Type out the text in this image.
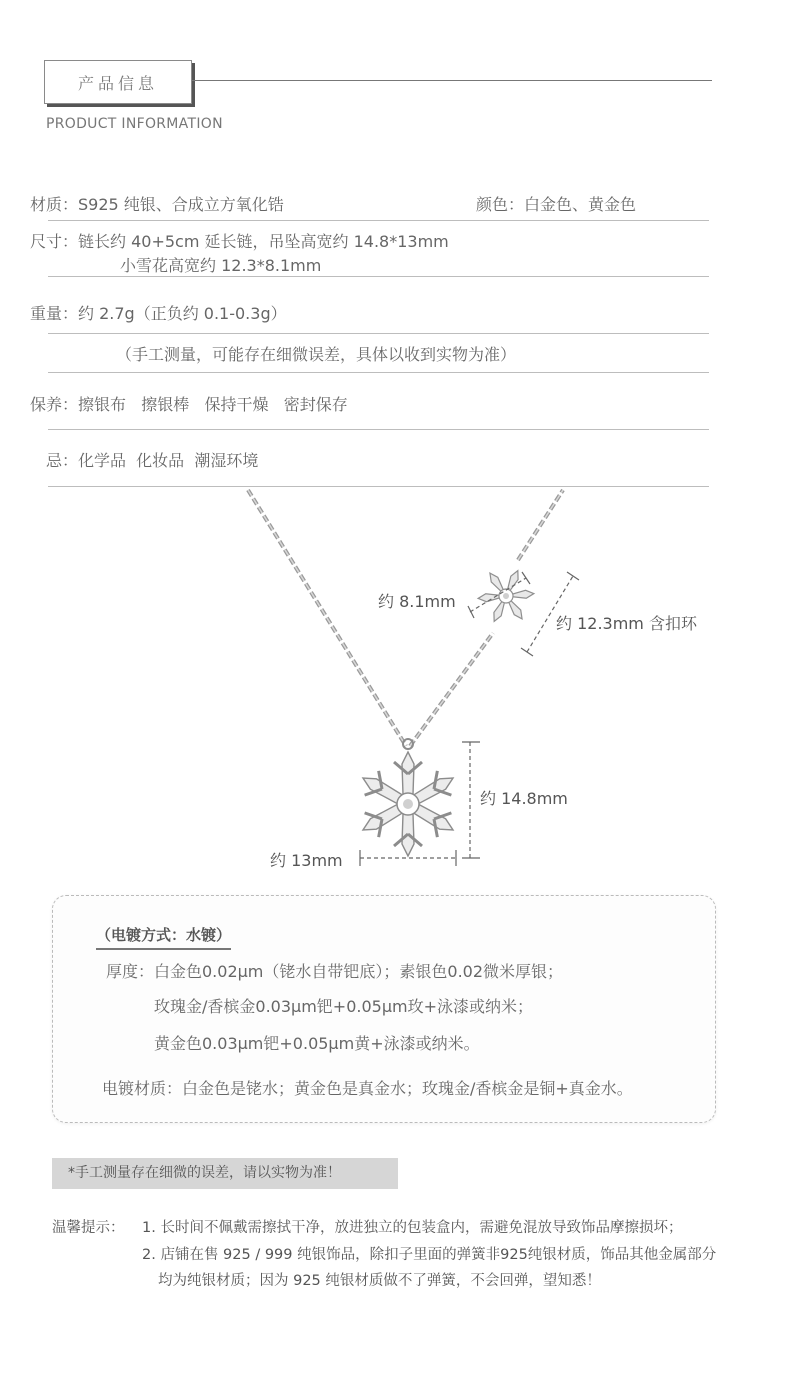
产品信息
PRODUCT INFORMATION
材质：S925 纯银、合成立方氧化锆	颜色：白金色、黄金色
尺寸：链长约 40+5cm 延长链，吊坠高宽约 14.8*13mm
小雪花高宽约 12.3*8.1mm
重量：约 2.7g（正负约 0.1-0.3g）
（手工测量，可能存在细微误差，具体以收到实物为准）
保养：擦银布   擦银棒   保持干燥   密封保存
忌：化学品  化妆品  潮湿环境
约 8.1mm
约 12.3mm 含扣环
约 14.8mm
约 13mm
（电镀方式：水镀）
厚度：白金色0.02μm（铑水自带钯底）；素银色0.02微米厚银；
玫瑰金/香槟金0.03μm钯+0.05μm玫+泳漆或纳米；
黄金色0.03μm钯+0.05μm黄+泳漆或纳米。
电镀材质：白金色是铑水；黄金色是真金水；玫瑰金/香槟金是铜+真金水。
*手工测量存在细微的误差，请以实物为准！
温馨提示： 1. 长时间不佩戴需擦拭干净，放进独立的包装盒内，需避免混放导致饰品摩擦损坏；
2. 店铺在售 925 / 999 纯银饰品，除扣子里面的弹簧非925纯银材质，饰品其他金属部分
均为纯银材质；因为 925 纯银材质做不了弹簧，不会回弹，望知悉！
